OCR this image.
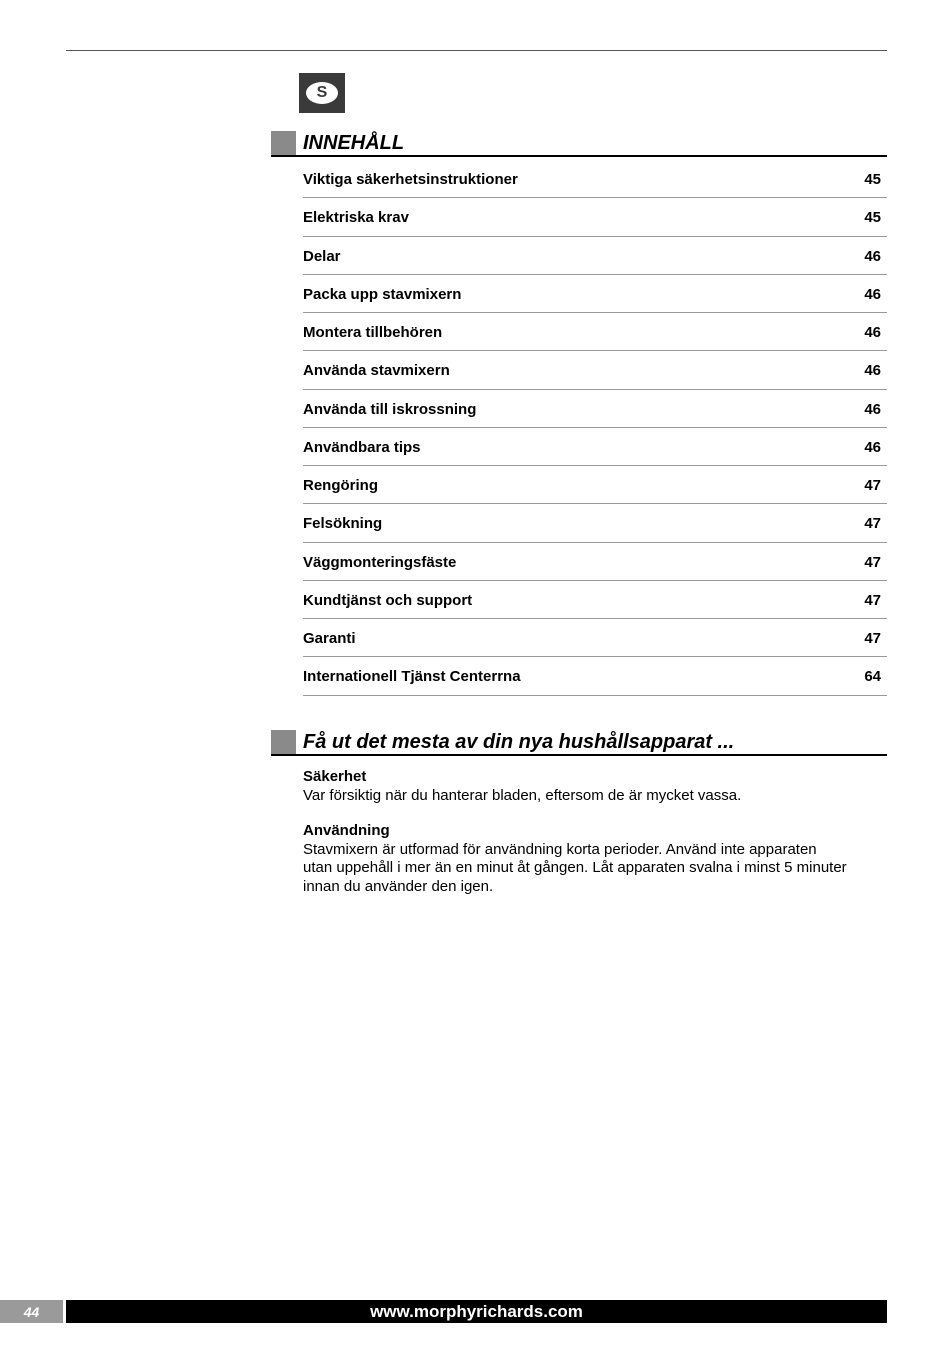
S
INNEHÅLL
Viktiga säkerhetsinstruktioner	45
Elektriska krav	45
Delar	46
Packa upp stavmixern	46
Montera tillbehören	46
Använda stavmixern	46
Använda till iskrossning	46
Användbara tips	46
Rengöring	47
Felsökning	47
Väggmonteringsfäste	47
Kundtjänst och support	47
Garanti	47
Internationell Tjänst Centerrna	64
Få ut det mesta av din nya hushållsapparat ...

Säkerhet

Var försiktig när du hanterar bladen, eftersom de är mycket vassa.

Användning

Stavmixern är utformad för användning korta perioder. Använd inte apparaten

utan uppehåll i mer än en minut åt gången. Låt apparaten svalna i minst 5 minuter

innan du använder den igen.

44	www.morphyrichards.com
